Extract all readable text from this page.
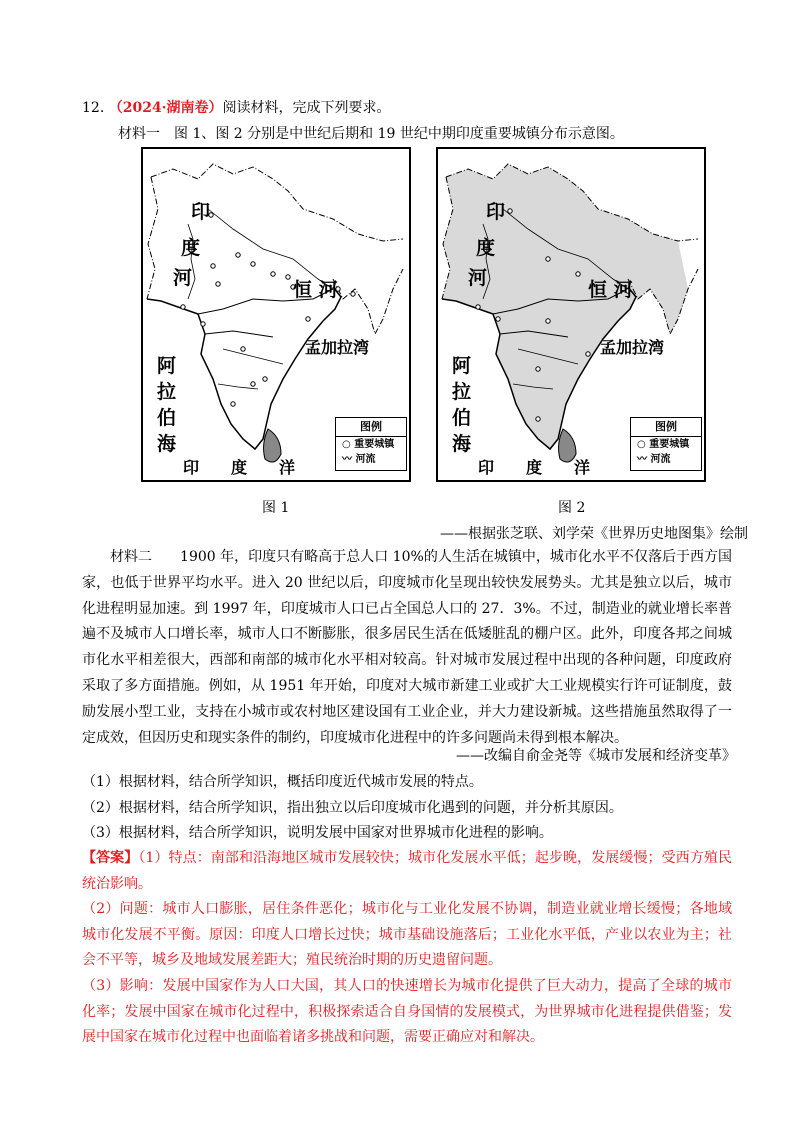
12. （2024·湖南卷）阅读材料，完成下列要求。
材料一　图 1、图 2 分别是中世纪后期和 19 世纪中期印度重要城镇分布示意图。
印
度
河
恒 河
孟加拉湾
阿
拉
伯
海
印　　度　　洋
图例
○ 重要城镇
〰 河流
印
度
河
恒 河
孟加拉湾
阿
拉
伯
海
印　　度　　洋
图例
○ 重要城镇
〰 河流
图 1	图 2
——根据张芝联、刘学荣《世界历史地图集》绘制
材料二　　1900 年，印度只有略高于总人口 10%的人生活在城镇中，城市化水平不仅落后于西方国家，也低于世界平均水平。进入 20 世纪以后，印度城市化呈现出较快发展势头。尤其是独立以后，城市化进程明显加速。到 1997 年，印度城市人口已占全国总人口的 27．3%。不过，制造业的就业增长率普遍不及城市人口增长率，城市人口不断膨胀，很多居民生活在低矮脏乱的棚户区。此外，印度各邦之间城市化水平相差很大，西部和南部的城市化水平相对较高。针对城市发展过程中出现的各种问题，印度政府采取了多方面措施。例如，从 1951 年开始，印度对大城市新建工业或扩大工业规模实行许可证制度，鼓励发展小型工业，支持在小城市或农村地区建设国有工业企业，并大力建设新城。这些措施虽然取得了一定成效，但因历史和现实条件的制约，印度城市化进程中的许多问题尚未得到根本解决。
——改编自俞金尧等《城市发展和经济变革》
（1）根据材料，结合所学知识，概括印度近代城市发展的特点。
（2）根据材料，结合所学知识，指出独立以后印度城市化遇到的问题，并分析其原因。
（3）根据材料，结合所学知识，说明发展中国家对世界城市化进程的影响。
【答案】（1）特点：南部和沿海地区城市发展较快；城市化发展水平低；起步晚，发展缓慢；受西方殖民统治影响。
（2）问题：城市人口膨胀，居住条件恶化；城市化与工业化发展不协调，制造业就业增长缓慢；各地域城市化发展不平衡。原因：印度人口增长过快；城市基础设施落后；工业化水平低，产业以农业为主；社会不平等，城乡及地域发展差距大；殖民统治时期的历史遗留问题。
（3）影响：发展中国家作为人口大国，其人口的快速增长为城市化提供了巨大动力，提高了全球的城市化率；发展中国家在城市化过程中，积极探索适合自身国情的发展模式，为世界城市化进程提供借鉴；发展中国家在城市化过程中也面临着诸多挑战和问题，需要正确应对和解决。
